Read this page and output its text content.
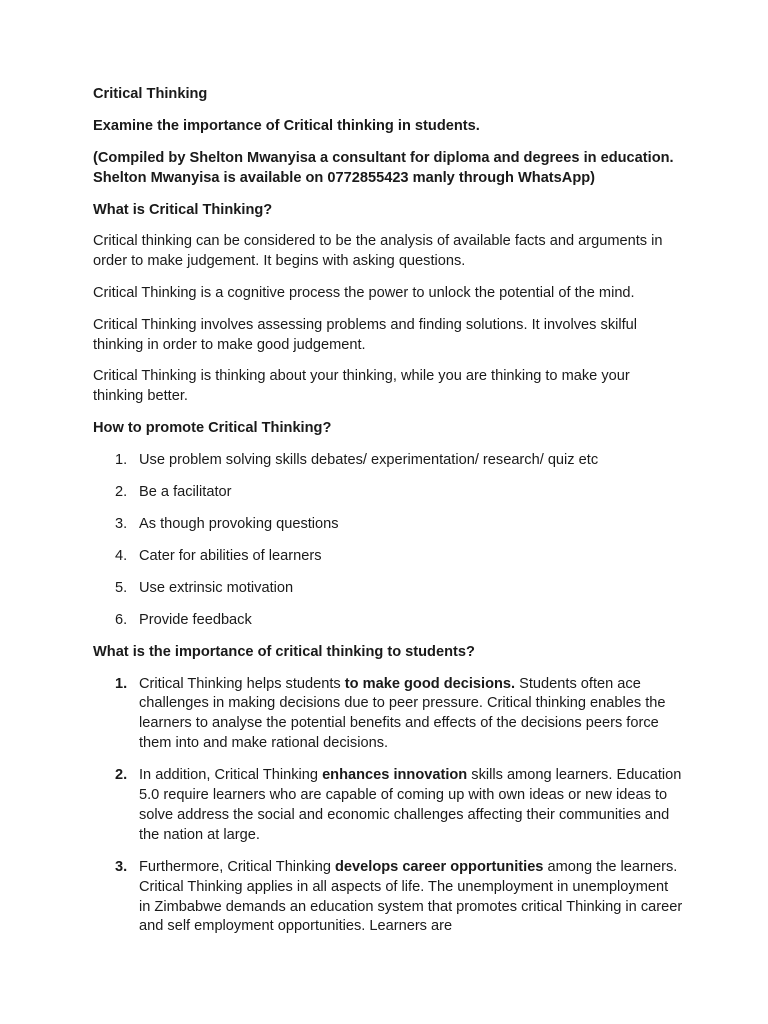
Critical Thinking

Examine the importance of Critical thinking in students.

(Compiled by Shelton Mwanyisa a consultant for diploma and degrees in education. Shelton Mwanyisa is available on 0772855423 manly through WhatsApp)

What is Critical Thinking?

Critical thinking can be considered to be the analysis of available facts and arguments in order to make judgement. It begins with asking questions.

Critical Thinking is a cognitive process the power to unlock the potential of the mind.

Critical Thinking involves assessing problems and finding solutions. It involves skilful thinking in order to make good judgement.

Critical Thinking is thinking about your thinking, while you are thinking to make your thinking better.

How to promote Critical Thinking?

1. Use problem solving skills debates/ experimentation/ research/ quiz etc
2. Be a facilitator
3. As though provoking questions
4. Cater for abilities of learners
5. Use extrinsic motivation
6. Provide feedback

What is the importance of critical thinking to students?

1. Critical Thinking helps students to make good decisions. Students often ace challenges in making decisions due to peer pressure. Critical thinking enables the learners to analyse the potential benefits and effects of the decisions peers force them into and make rational decisions.
2. In addition, Critical Thinking enhances innovation skills among learners. Education 5.0 require learners who are capable of coming up with own ideas or new ideas to solve address the social and economic challenges affecting their communities and the nation at large.
3. Furthermore, Critical Thinking develops career opportunities among the learners. Critical Thinking applies in all aspects of life. The unemployment in unemployment in Zimbabwe demands an education system that promotes critical Thinking in career and self employment opportunities. Learners are
